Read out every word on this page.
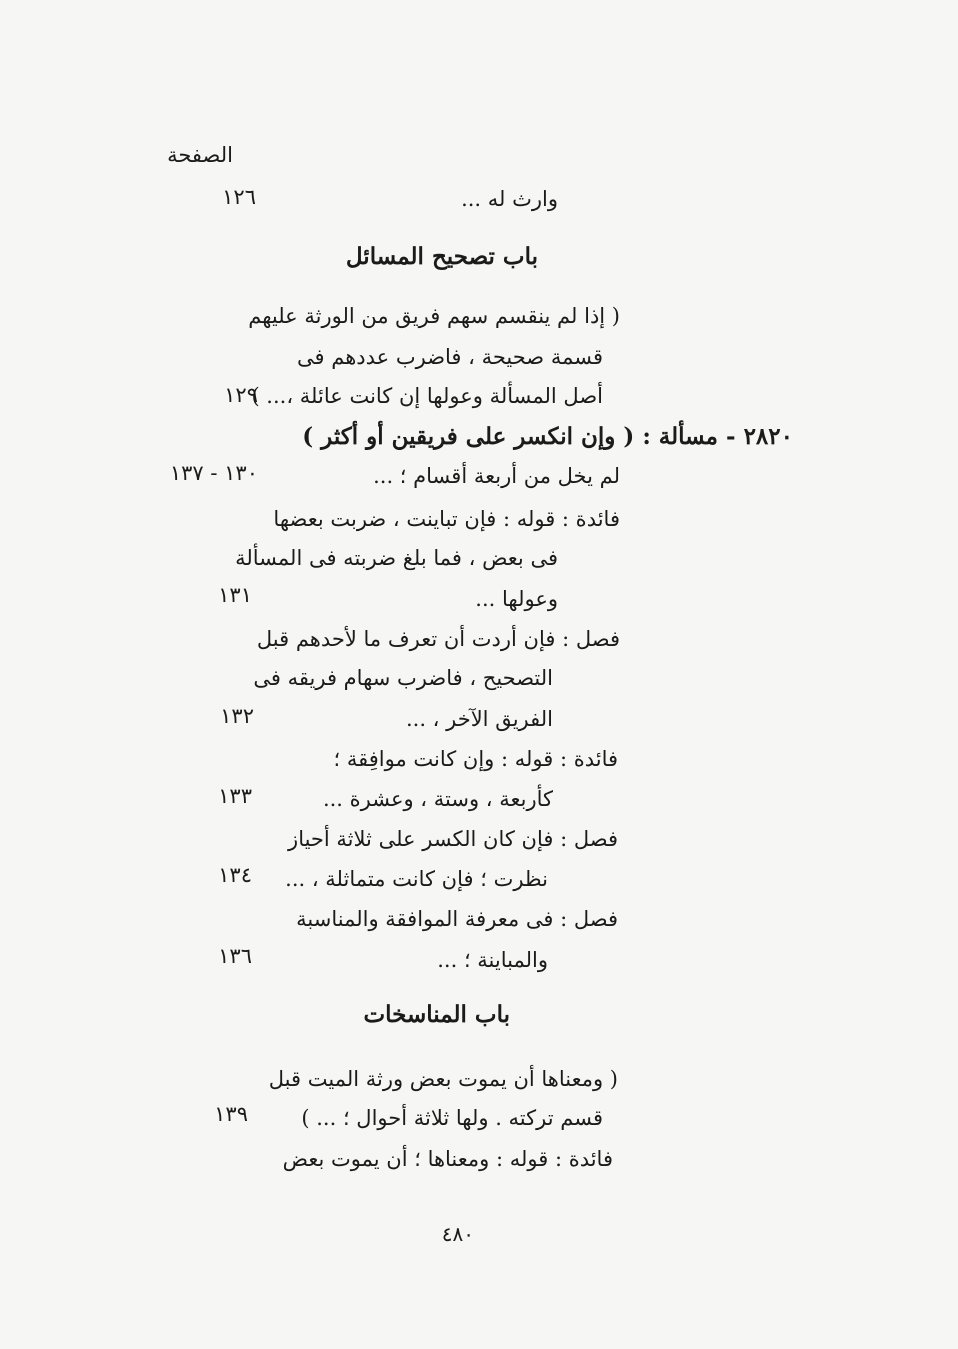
الصفحة
وارث له ...
١٢٦
باب تصحيح المسائل
( إذا لم ينقسم سهم فريق من الورثة عليهم
قسمة صحيحة ، فاضرب عددهم فى
أصل المسألة وعولها إن كانت عائلة ،... )
١٢٩
٢٨٢٠ - مسألة : ( وإن انكسر على فريقين أو أكثر )
لم يخل من أربعة أقسام ؛ ...
١٣٠ - ١٣٧
فائدة : قوله : فإن تباينت ، ضربت بعضها
فى بعض ، فما بلغ ضربته فى المسألة
وعولها ...
١٣١
فصل : فإن أردت أن تعرف ما لأحدهم قبل
التصحيح ، فاضرب سهام فريقه فى
الفريق الآخر ، ...
١٣٢
فائدة : قوله : وإن كانت موافِقة ؛
كأربعة ، وستة ، وعشرة ...
١٣٣
فصل : فإن كان الكسر على ثلاثة أحياز
نظرت ؛ فإن كانت متماثلة ، ...
١٣٤
فصل : فى معرفة الموافقة والمناسبة
والمباينة ؛ ...
١٣٦
باب المناسخات
( ومعناها أن يموت بعض ورثة الميت قبل
قسم تركته . ولها ثلاثة أحوال ؛ ... )
١٣٩
فائدة : قوله : ومعناها ؛ أن يموت بعض
٤٨٠
